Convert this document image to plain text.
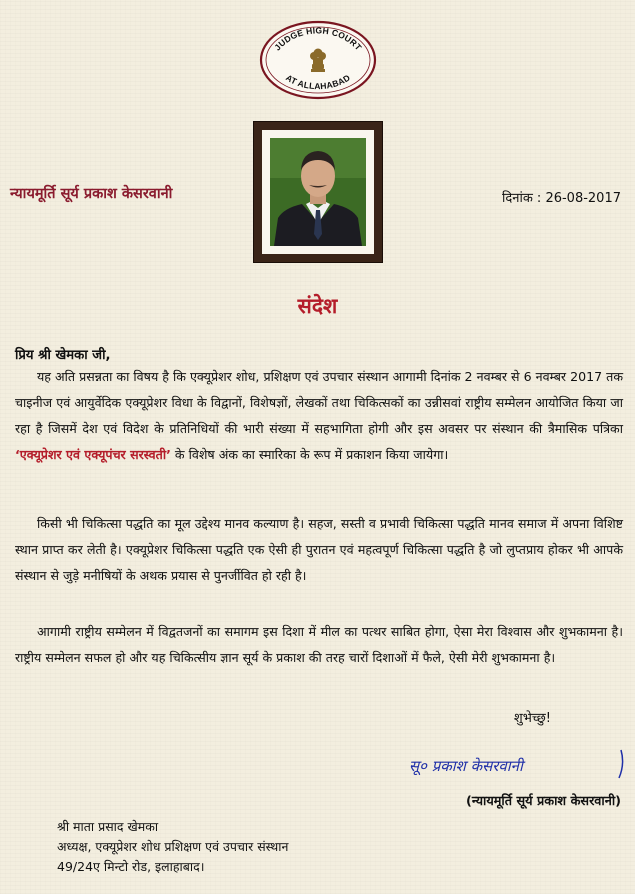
JUDGE HIGH COURT
AT ALLAHABAD
न्यायमूर्ति सूर्य प्रकाश केसरवानी	दिनांक : 26-08-2017
संदेश
प्रिय श्री खेमका जी,
यह अति प्रसन्नता का विषय है कि एक्यूप्रेशर शोध, प्रशिक्षण एवं उपचार संस्थान आगामी दिनांक 2 नवम्बर से 6 नवम्बर 2017 तक चाइनीज एवं आयुर्वेदिक एक्यूप्रेशर विधा के विद्वानों, विशेषज्ञों, लेखकों तथा चिकित्सकों का उन्नीसवां राष्ट्रीय सम्मेलन आयोजित किया जा रहा है जिसमें देश एवं विदेश के प्रतिनिधियों की भारी संख्या में सहभागिता होगी और इस अवसर पर संस्थान की त्रैमासिक पत्रिका ‘एक्यूप्रेशर एवं एक्यूपंचर सरस्वती’ के विशेष अंक का स्मारिका के रूप में प्रकाशन किया जायेगा।
किसी भी चिकित्सा पद्धति का मूल उद्देश्य मानव कल्याण है। सहज, सस्ती व प्रभावी चिकित्सा पद्धति मानव समाज में अपना विशिष्ट स्थान प्राप्त कर लेती है। एक्यूप्रेशर चिकित्सा पद्धति एक ऐसी ही पुरातन एवं महत्वपूर्ण चिकित्सा पद्धति है जो लुप्तप्राय होकर भी आपके संस्थान से जुड़े मनीषियों के अथक प्रयास से पुनर्जीवित हो रही है।
आगामी राष्ट्रीय सम्मेलन में विद्वतजनों का समागम इस दिशा में मील का पत्थर साबित होगा, ऐसा मेरा विश्वास और शुभकामना है। राष्ट्रीय सम्मेलन सफल हो और यह चिकित्सीय ज्ञान सूर्य के प्रकाश की तरह चारों दिशाओं में फैले, ऐसी मेरी शुभकामना है।
शुभेच्छु!
सू० प्रकाश केसरवानी
(न्यायमूर्ति सूर्य प्रकाश केसरवानी)
श्री माता प्रसाद खेमका
अध्यक्ष, एक्यूप्रेशर शोध प्रशिक्षण एवं उपचार संस्थान
49/24ए मिन्टो रोड, इलाहाबाद।
